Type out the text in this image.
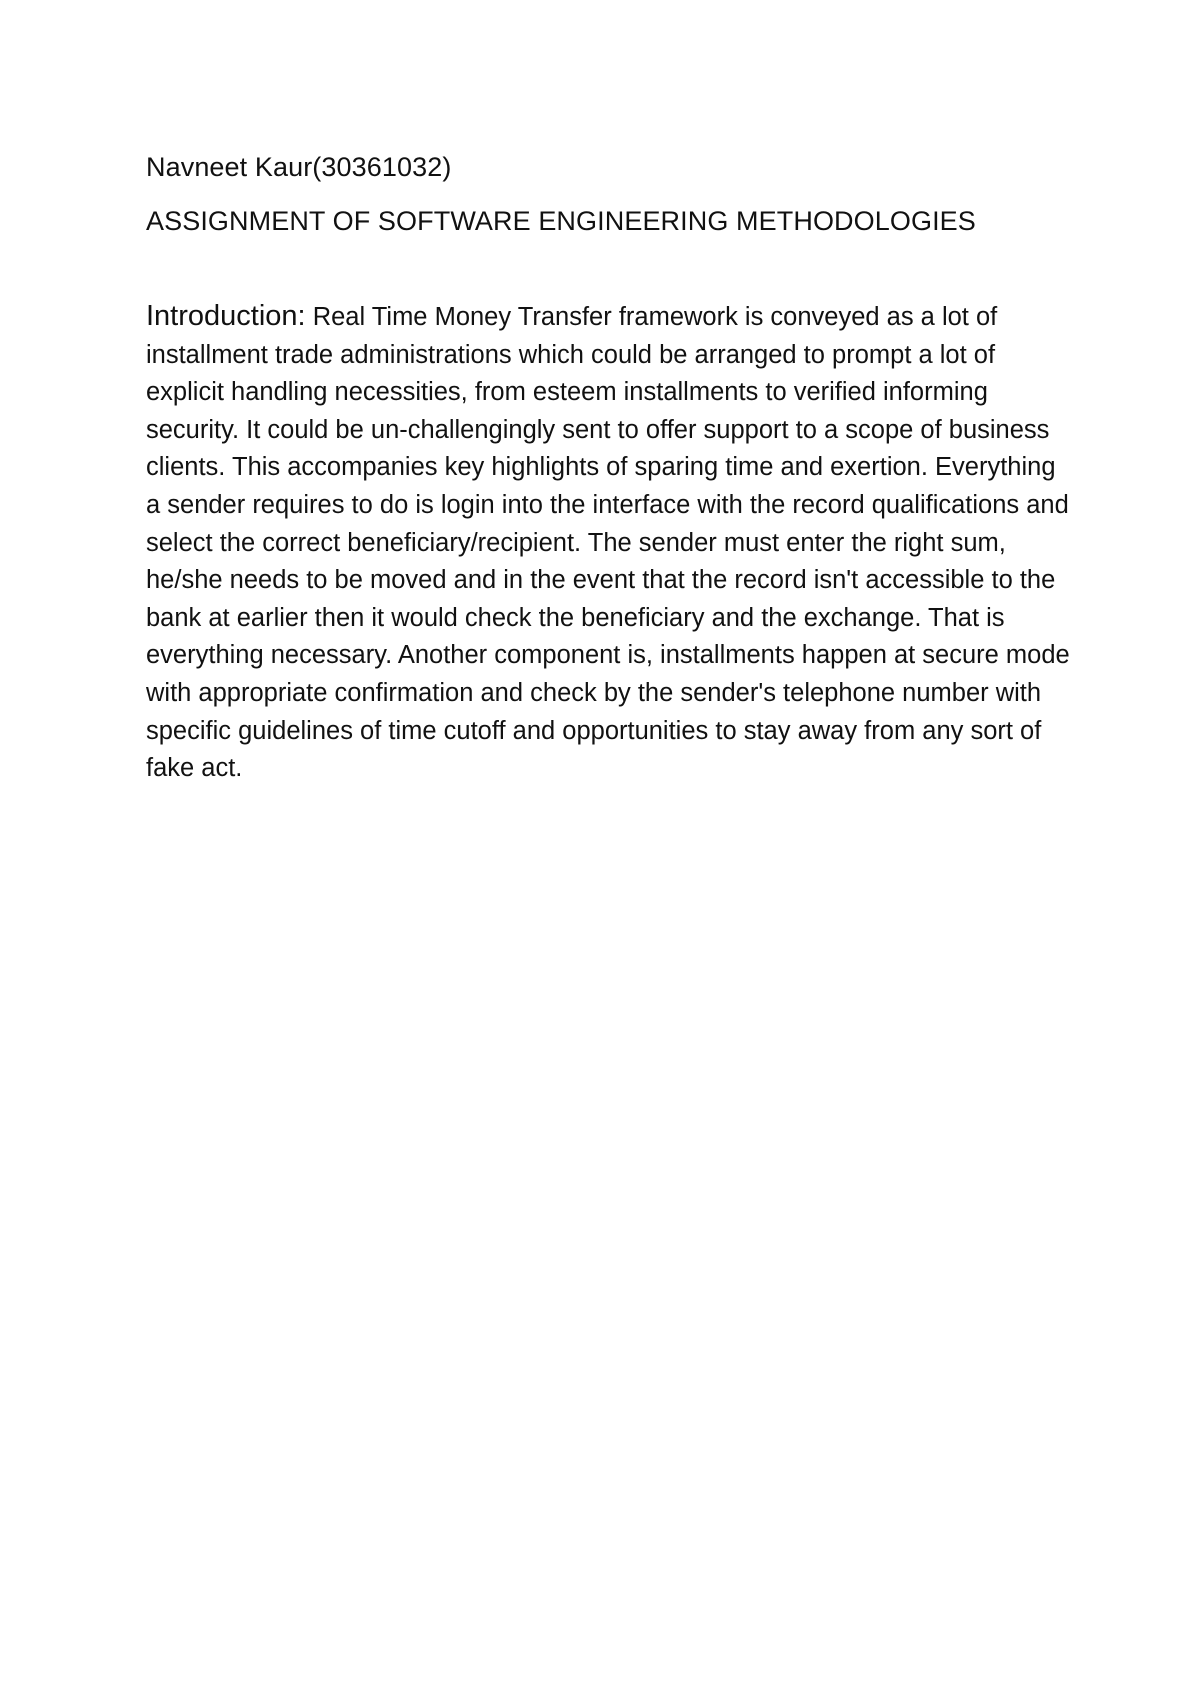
Navneet Kaur(30361032)
ASSIGNMENT OF SOFTWARE ENGINEERING METHODOLOGIES

Introduction: Real Time Money Transfer framework is conveyed as a lot of installment trade administrations which could be arranged to prompt a lot of explicit handling necessities, from esteem installments to verified informing security. It could be un-challengingly sent to offer support to a scope of business clients. This accompanies key highlights of sparing time and exertion. Everything a sender requires to do is login into the interface with the record qualifications and select the correct beneficiary/recipient. The sender must enter the right sum, he/she needs to be moved and in the event that the record isn't accessible to the bank at earlier then it would check the beneficiary and the exchange. That is everything necessary. Another component is, installments happen at secure mode with appropriate confirmation and check by the sender's telephone number with specific guidelines of time cutoff and opportunities to stay away from any sort of fake act.
